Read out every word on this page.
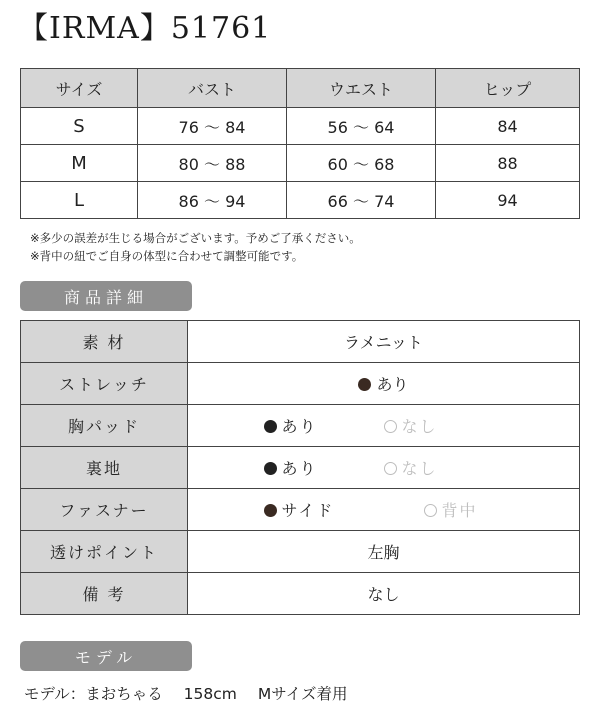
【IRMA】51761
サイズ	バスト	ウエスト	ヒップ
S	76 ～ 84	56 ～ 64	84
M	80 ～ 88	60 ～ 68	88
L	86 ～ 94	66 ～ 74	94
※多少の誤差が生じる場合がございます。予めご了承ください。
※背中の紐でご自身の体型に合わせて調整可能です。
商品詳細
素 材	ラメニット
ストレッチ	あり
胸パッド	あり なし
裏地	あり なし
ファスナー	サイド 背中
透けポイント	左胸
備 考	なし
モデル
モデル：まおちゃる 158cm Mサイズ着用
